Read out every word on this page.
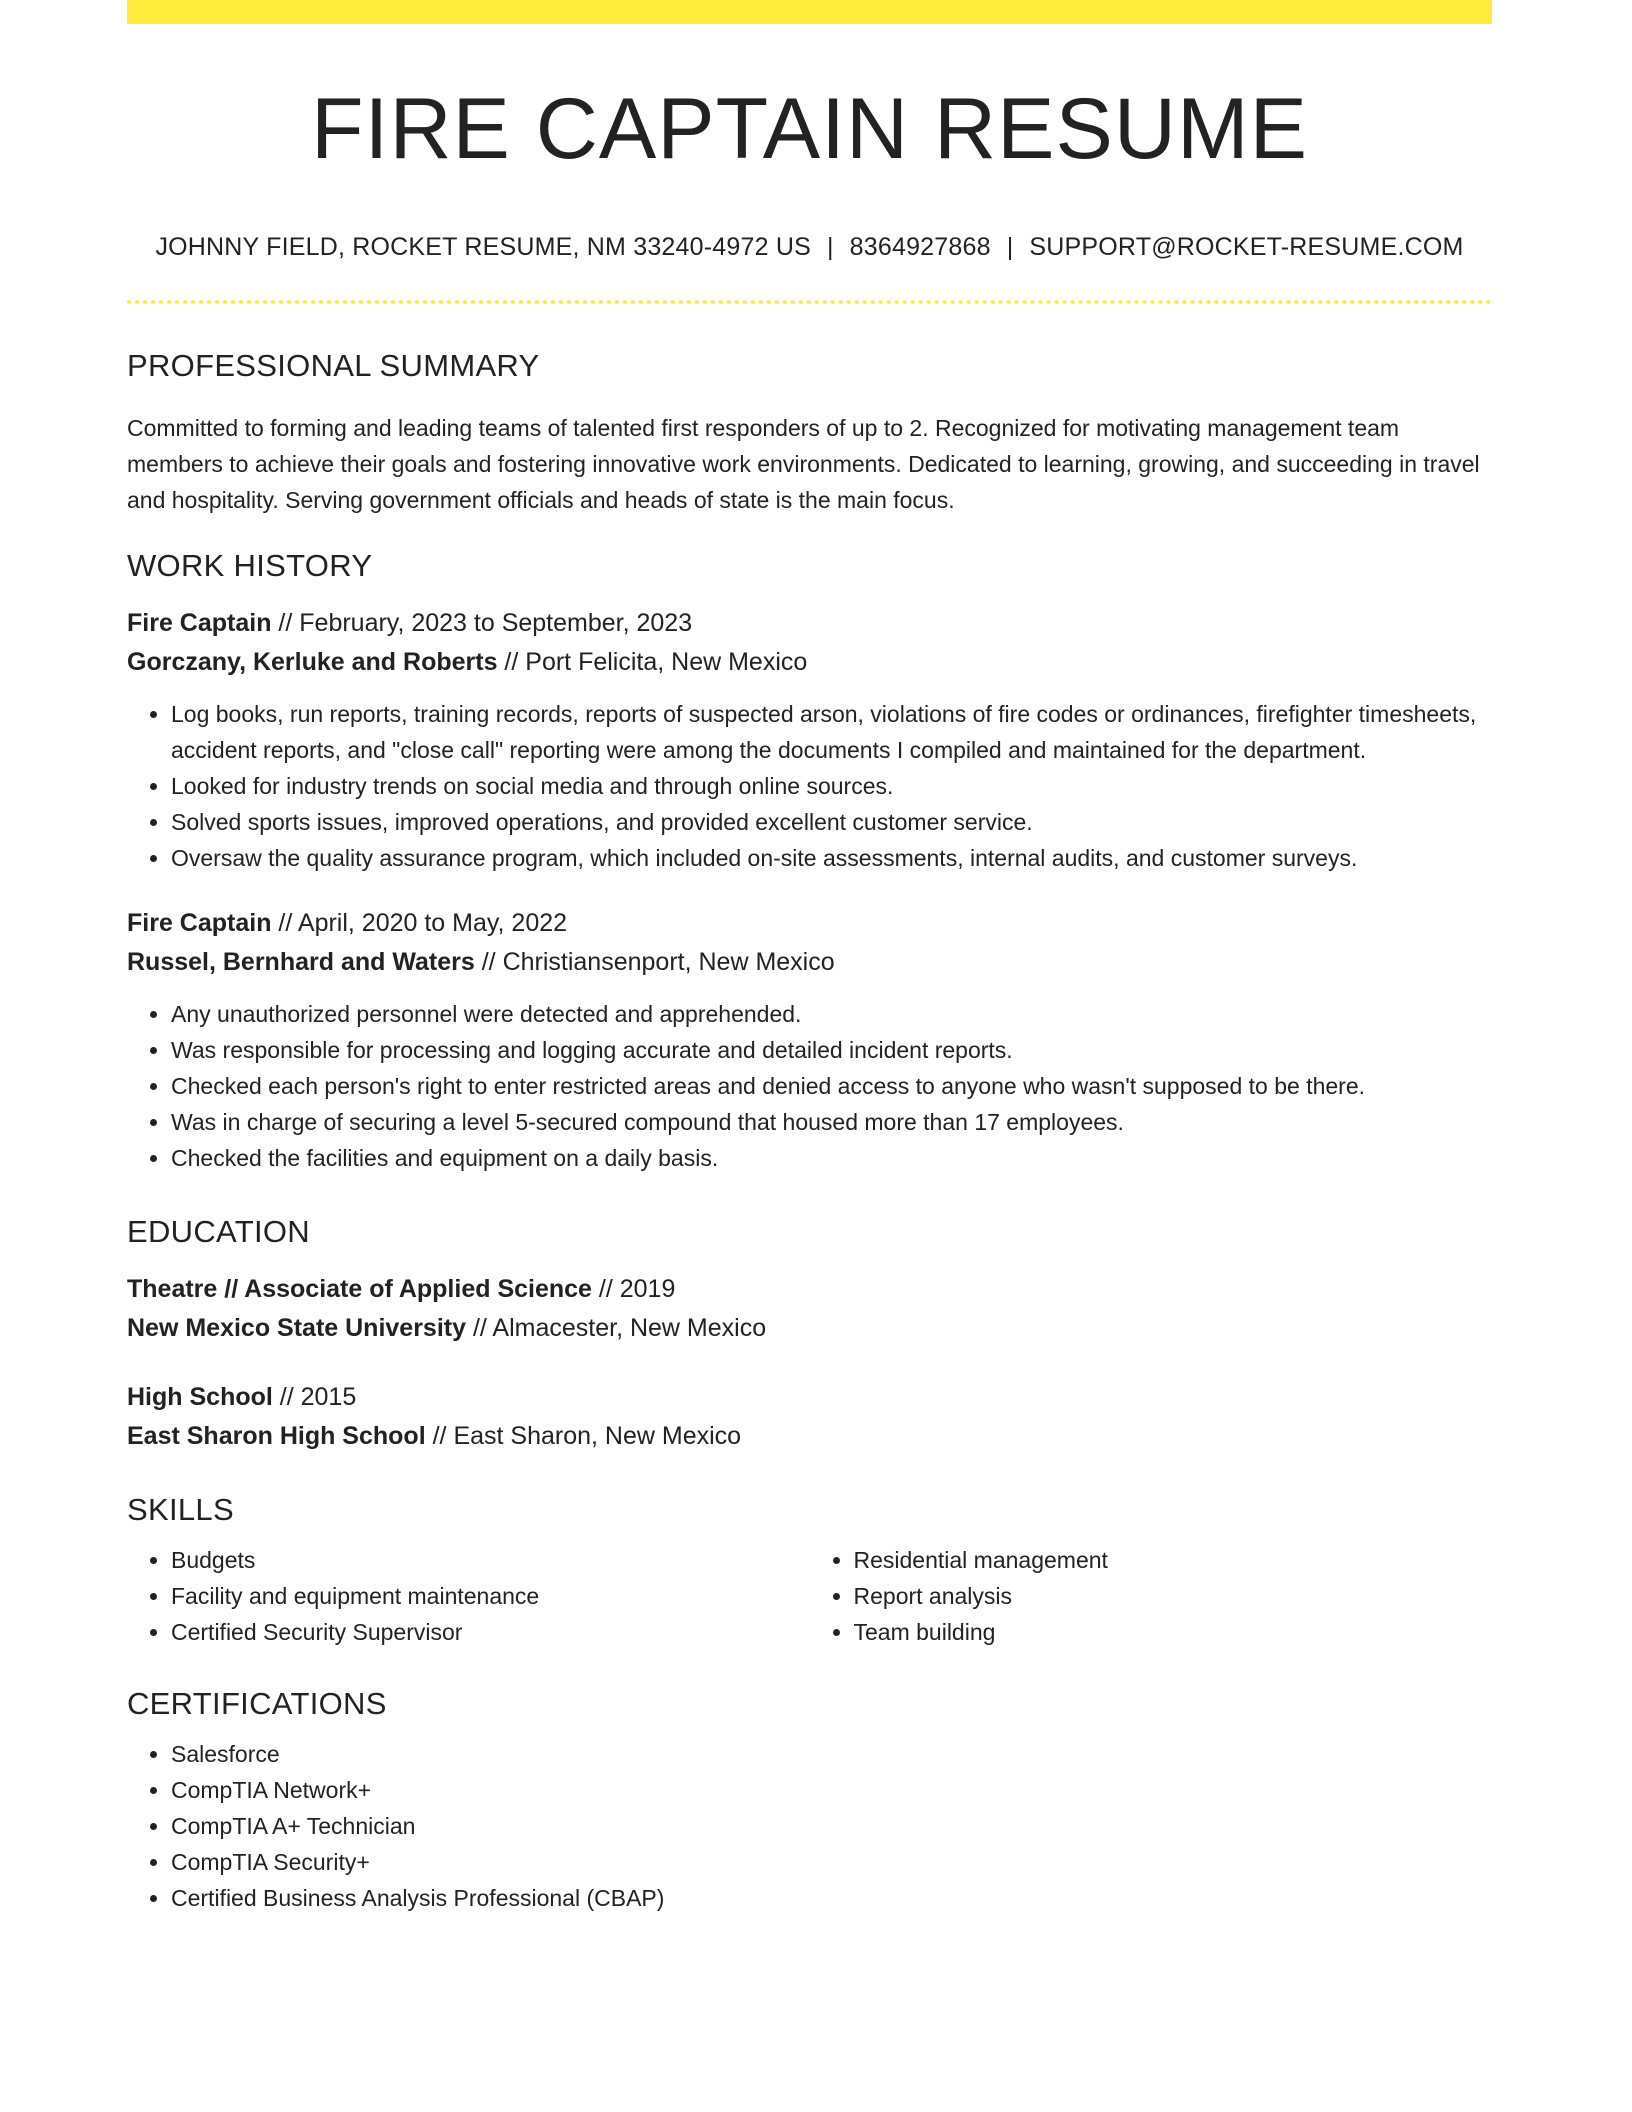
FIRE CAPTAIN RESUME
JOHNNY FIELD, ROCKET RESUME, NM 33240-4972 US | 8364927868 | SUPPORT@ROCKET-RESUME.COM
PROFESSIONAL SUMMARY
Committed to forming and leading teams of talented first responders of up to 2. Recognized for motivating management team members to achieve their goals and fostering innovative work environments. Dedicated to learning, growing, and succeeding in travel and hospitality. Serving government officials and heads of state is the main focus.
WORK HISTORY
Fire Captain // February, 2023 to September, 2023
Gorczany, Kerluke and Roberts // Port Felicita, New Mexico
• Log books, run reports, training records, reports of suspected arson, violations of fire codes or ordinances, firefighter timesheets, accident reports, and "close call" reporting were among the documents I compiled and maintained for the department.
• Looked for industry trends on social media and through online sources.
• Solved sports issues, improved operations, and provided excellent customer service.
• Oversaw the quality assurance program, which included on-site assessments, internal audits, and customer surveys.
Fire Captain // April, 2020 to May, 2022
Russel, Bernhard and Waters // Christiansenport, New Mexico
• Any unauthorized personnel were detected and apprehended.
• Was responsible for processing and logging accurate and detailed incident reports.
• Checked each person's right to enter restricted areas and denied access to anyone who wasn't supposed to be there.
• Was in charge of securing a level 5-secured compound that housed more than 17 employees.
• Checked the facilities and equipment on a daily basis.
EDUCATION
Theatre // Associate of Applied Science // 2019
New Mexico State University // Almacester, New Mexico
High School // 2015
East Sharon High School // East Sharon, New Mexico
SKILLS
• Budgets
• Facility and equipment maintenance
• Certified Security Supervisor
• Residential management
• Report analysis
• Team building
CERTIFICATIONS
• Salesforce
• CompTIA Network+
• CompTIA A+ Technician
• CompTIA Security+
• Certified Business Analysis Professional (CBAP)
